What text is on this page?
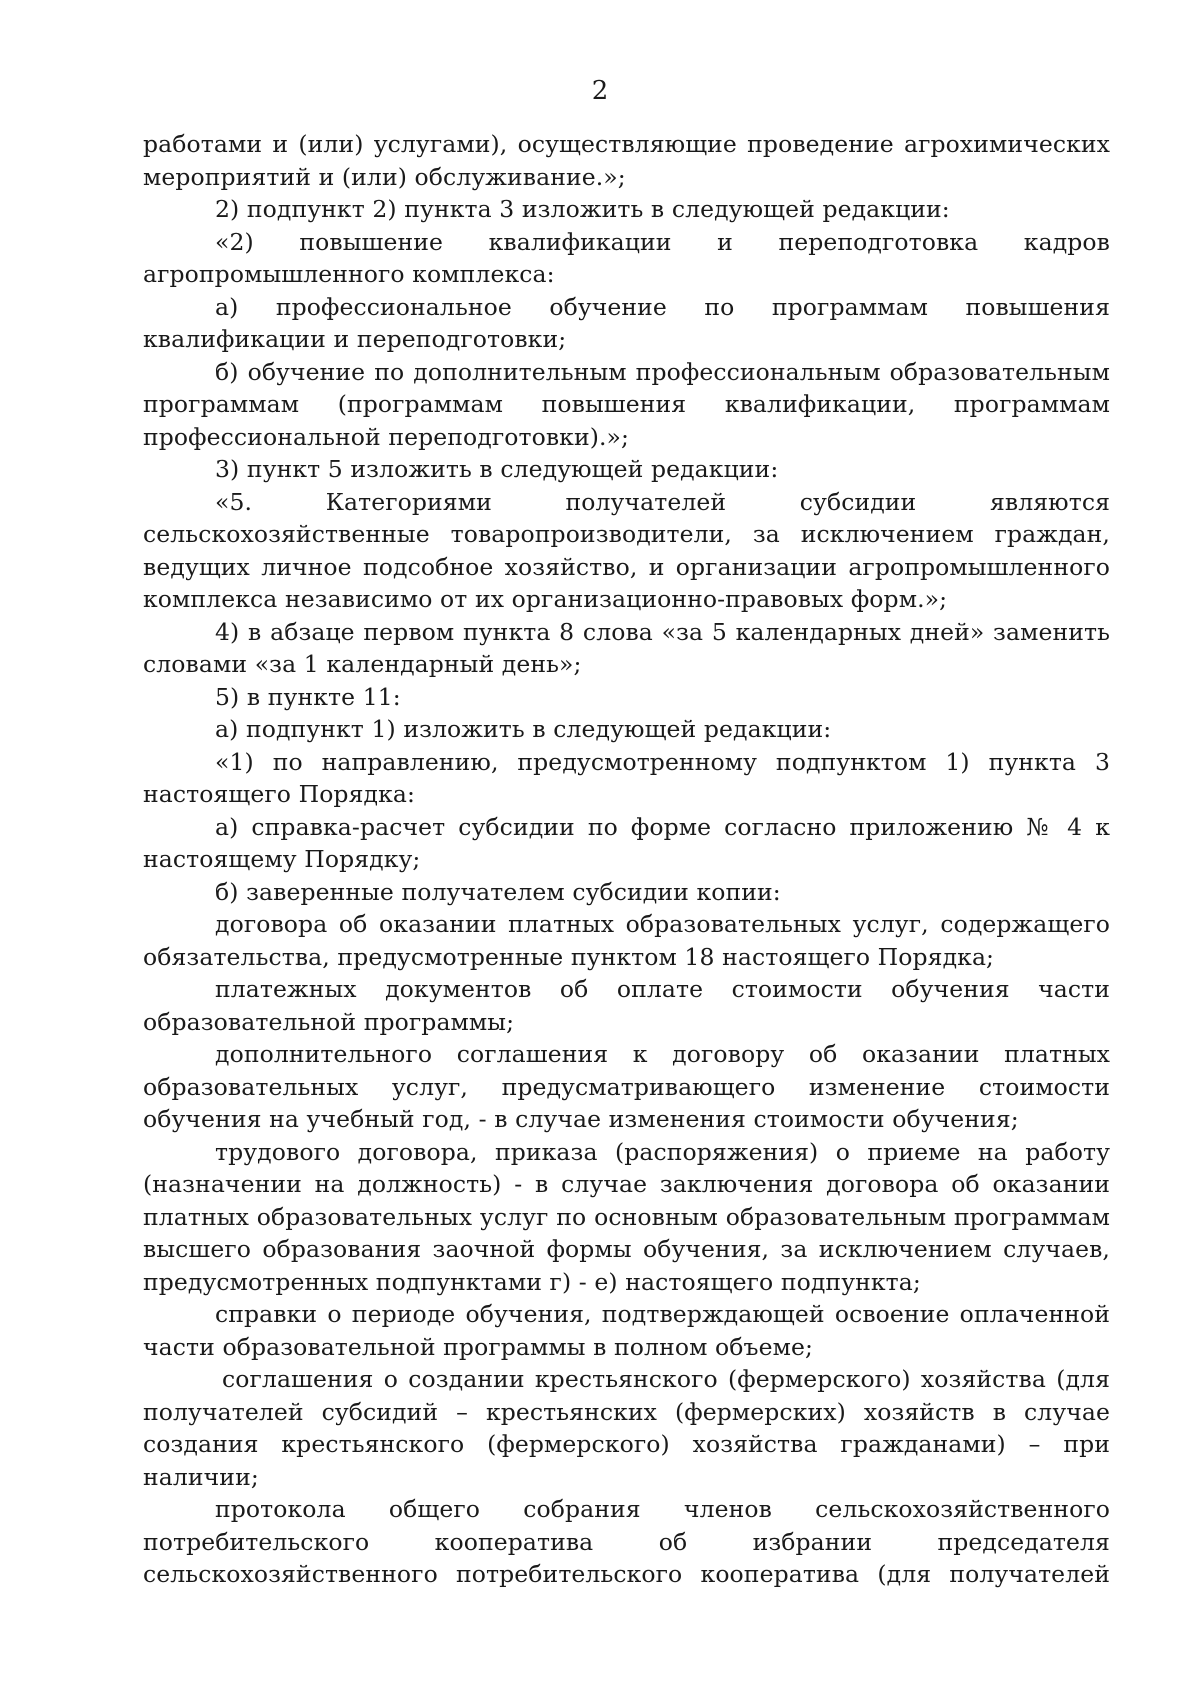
2

работами и (или) услугами), осуществляющие проведение агрохимических мероприятий и (или) обслуживание.»;

2) подпункт 2) пункта 3 изложить в следующей редакции:

«2) повышение квалификации и переподготовка кадров агропромышленного комплекса:

а) профессиональное обучение по программам повышения квалификации и переподготовки;

б) обучение по дополнительным профессиональным образовательным программам (программам повышения квалификации, программам профессиональной переподготовки).»;

3) пункт 5 изложить в следующей редакции:

«5. Категориями получателей субсидии являются сельскохозяйственные товаропроизводители, за исключением граждан, ведущих личное подсобное хозяйство, и организации агропромышленного комплекса независимо от их организационно-правовых форм.»;

4) в абзаце первом пункта 8 слова «за 5 календарных дней» заменить словами «за 1 календарный день»;

5) в пункте 11:

а) подпункт 1) изложить в следующей редакции:

«1) по направлению, предусмотренному подпунктом 1) пункта 3 настоящего Порядка:

а) справка-расчет субсидии по форме согласно приложению № 4 к настоящему Порядку;

б) заверенные получателем субсидии копии:

договора об оказании платных образовательных услуг, содержащего обязательства, предусмотренные пунктом 18 настоящего Порядка;

платежных документов об оплате стоимости обучения части образовательной программы;

дополнительного соглашения к договору об оказании платных образовательных услуг, предусматривающего изменение стоимости обучения на учебный год, - в случае изменения стоимости обучения;

трудового договора, приказа (распоряжения) о приеме на работу (назначении на должность) - в случае заключения договора об оказании платных образовательных услуг по основным образовательным программам высшего образования заочной формы обучения, за исключением случаев, предусмотренных подпунктами г) - е) настоящего подпункта;

справки о периоде обучения, подтверждающей освоение оплаченной части образовательной программы в полном объеме;

соглашения о создании крестьянского (фермерского) хозяйства (для получателей субсидий – крестьянских (фермерских) хозяйств в случае создания крестьянского (фермерского) хозяйства гражданами) – при наличии;

протокола общего собрания членов сельскохозяйственного потребительского кооператива об избрании председателя сельскохозяйственного потребительского кооператива (для получателей
